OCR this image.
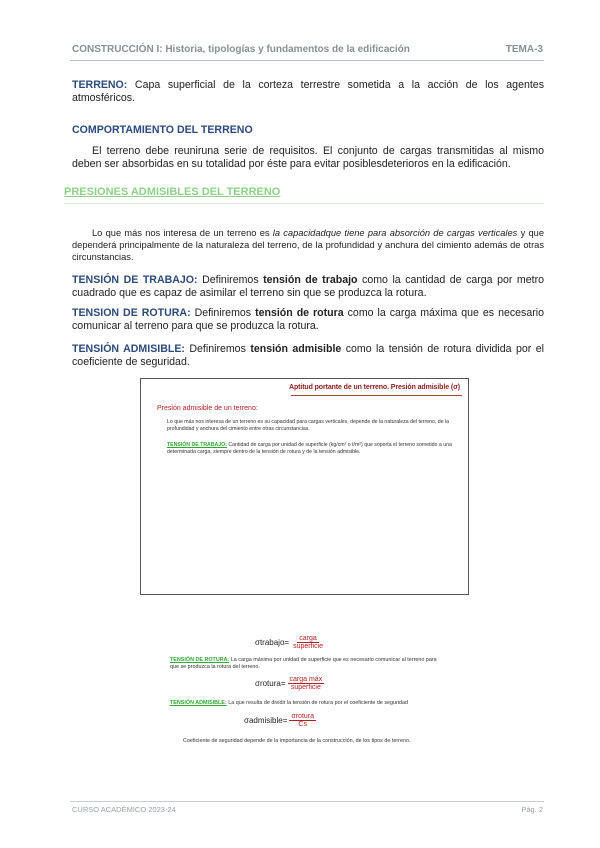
CONSTRUCCIÓN I: Historia, tipologías y fundamentos de la edificación	TEMA-3
TERRENO: Capa superficial de la corteza terrestre sometida a la acción de los agentes atmosféricos.
COMPORTAMIENTO DEL TERRENO
El terreno debe reuniruna serie de requisitos. El conjunto de cargas transmitidas al mismo deben ser absorbidas en su totalidad por éste para evitar posiblesdeterioros en la edificación.
PRESIONES ADMISIBLES DEL TERRENO
Lo que más nos interesa de un terreno es la capacidadque tiene para absorción de cargas verticales y que dependerá principalmente de la naturaleza del terreno, de la profundidad y anchura del cimiento además de otras circunstancias.
TENSIÓN DE TRABAJO: Definiremos tensión de trabajo como la cantidad de carga por metro cuadrado que es capaz de asimilar el terreno sin que se produzca la rotura.
TENSION DE ROTURA: Definiremos tensión de rotura como la carga máxima que es necesario comunicar al terreno para que se produzca la rotura.
TENSIÓN ADMISIBLE: Definiremos tensión admisible como la tensión de rotura dividida por el coeficiente de seguridad.
Aptitud portante de un terreno. Presión admisible (σ)
Presión admisible de un terreno:
Lo que más nos interesa de un terreno es su capacidad para cargas verticales, depende de la naturaleza del terreno, de la profundidad y anchura del cimiento entre otras circunstancias.
TENSIÓN DE TRABAJO: Cantidad de carga por unidad de superficie (kg/cm² o t/m²) que soporta el terreno sometido a una determinada carga, siempre dentro de la tensión de rotura y de la tensión admisible.
σtrabajo= $\frac{\text{carga}}{\text{superficie}}$
TENSIÓN DE ROTURA: La carga máxima por unidad de superficie que es necesario comunicar al terreno para que se produzca la rotura del terreno.
σrotura= $\frac{\text{carga máx}}{\text{superficie}}$
TENSIÓN ADMISIBLE: La que resulta de dividir la tensión de rotura por el coeficiente de seguridad
σadmisible= $\frac{\text{σrotura}}{Cs}$
Coeficiente de seguridad depende de la importancia de la construcción, de los tipos de terreno.
CURSO ACADÉMICO 2023-24	Pág. 2
